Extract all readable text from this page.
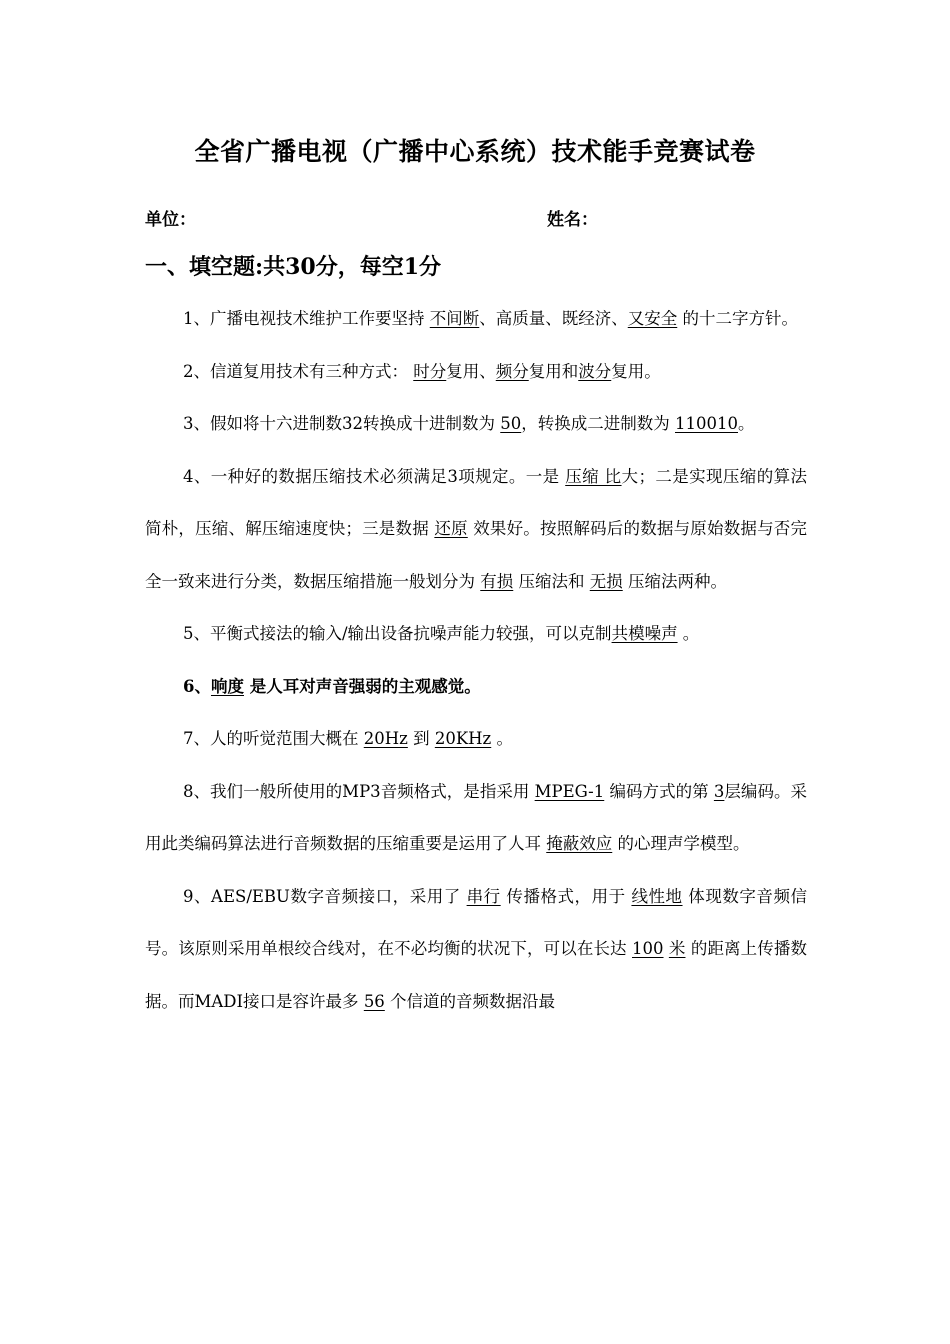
全省广播电视（广播中心系统）技术能手竞赛试卷
单位：	姓名：
一、填空题:共30分，每空1分

1、广播电视技术维护工作要坚持 不间断、高质量、既经济、又安全 的十二字方针。

2、信道复用技术有三种方式： 时分复用、频分复用和波分复用。

3、假如将十六进制数32转换成十进制数为 50，转换成二进制数为 110010。

4、一种好的数据压缩技术必须满足3项规定。一是 压缩 比大；二是实现压缩的算法简朴，压缩、解压缩速度快；三是数据 还原 效果好。按照解码后的数据与原始数据与否完全一致来进行分类，数据压缩措施一般划分为 有损 压缩法和 无损 压缩法两种。

5、平衡式接法的输入/输出设备抗噪声能力较强，可以克制共模噪声 。

6、响度 是人耳对声音强弱的主观感觉。

7、人的听觉范围大概在 20Hz 到 20KHz 。

8、我们一般所使用的MP3音频格式，是指采用 MPEG-1 编码方式的第 3层编码。采用此类编码算法进行音频数据的压缩重要是运用了人耳 掩蔽效应 的心理声学模型。

9、AES/EBU数字音频接口，采用了 串行 传播格式，用于 线性地 体现数字音频信号。该原则采用单根绞合线对，在不必均衡的状况下，可以在长达 100 米 的距离上传播数据。而MADI接口是容许最多 56 个信道的音频数据沿最
